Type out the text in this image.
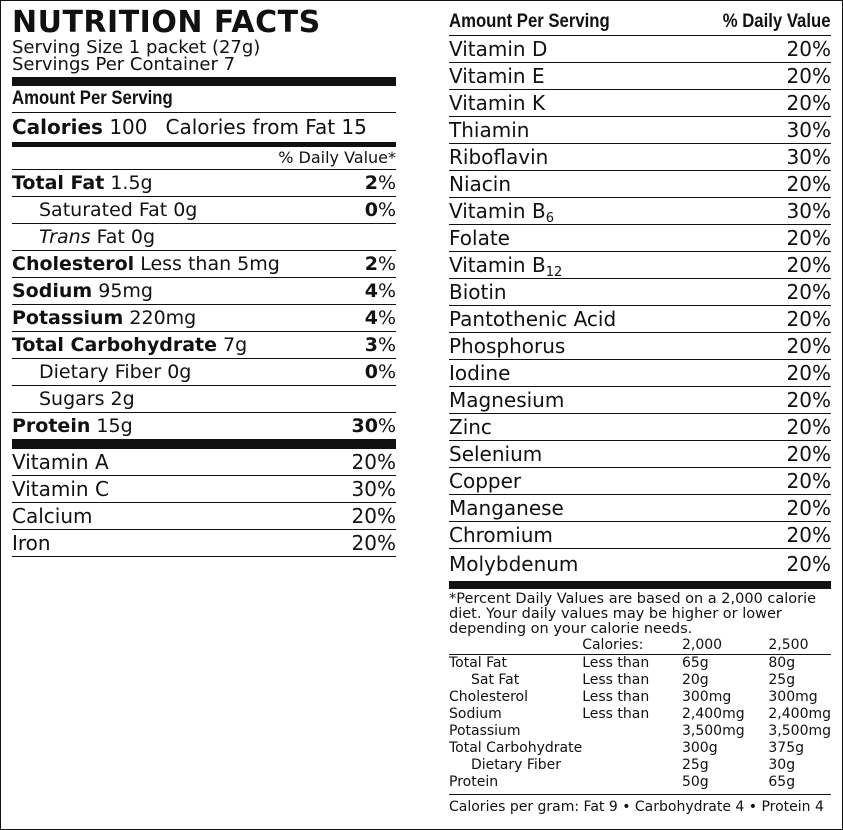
NUTRITION FACTS
Serving Size 1 packet (27g)
Servings Per Container 7
Amount Per Serving
Calories
100 Calories from Fat 15
% Daily Value*
Total Fat 1.5g	2%
Saturated Fat 0g	0%
Trans Fat 0g
Cholesterol Less than 5mg	2%
Sodium 95mg	4%
Potassium 220mg	4%
Total Carbohydrate 7g	3%
Dietary Fiber 0g	0%
Sugars 2g
Protein 15g	30%
Vitamin A	20%
Vitamin C	30%
Calcium	20%
Iron	20%
Amount Per Serving	% Daily Value
Vitamin D	20%
Vitamin E	20%
Vitamin K	20%
Thiamin	30%
Riboflavin	30%
Niacin	20%
Vitamin $B_6$	30%
Folate	20%
Vitamin $B_{12}$	20%
Biotin	20%
Pantothenic Acid	20%
Phosphorus	20%
Iodine	20%
Magnesium	20%
Zinc	20%
Selenium	20%
Copper	20%
Manganese	20%
Chromium	20%
Molybdenum	20%
*Percent Daily Values are based on a 2,000 calorie diet. Your daily values may be higher or lower depending on your calorie needs.
	Calories:	2,000	2,500
Total Fat	Less than	65g	80g
Sat Fat	Less than	20g	25g
Cholesterol	Less than	300mg	300mg
Sodium	Less than	2,400mg	2,400mg
Potassium		3,500mg	3,500mg
Total Carbohydrate		300g	375g
Dietary Fiber		25g	30g
Protein		50g	65g
Calories per gram: Fat 9 • Carbohydrate 4 • Protein 4
